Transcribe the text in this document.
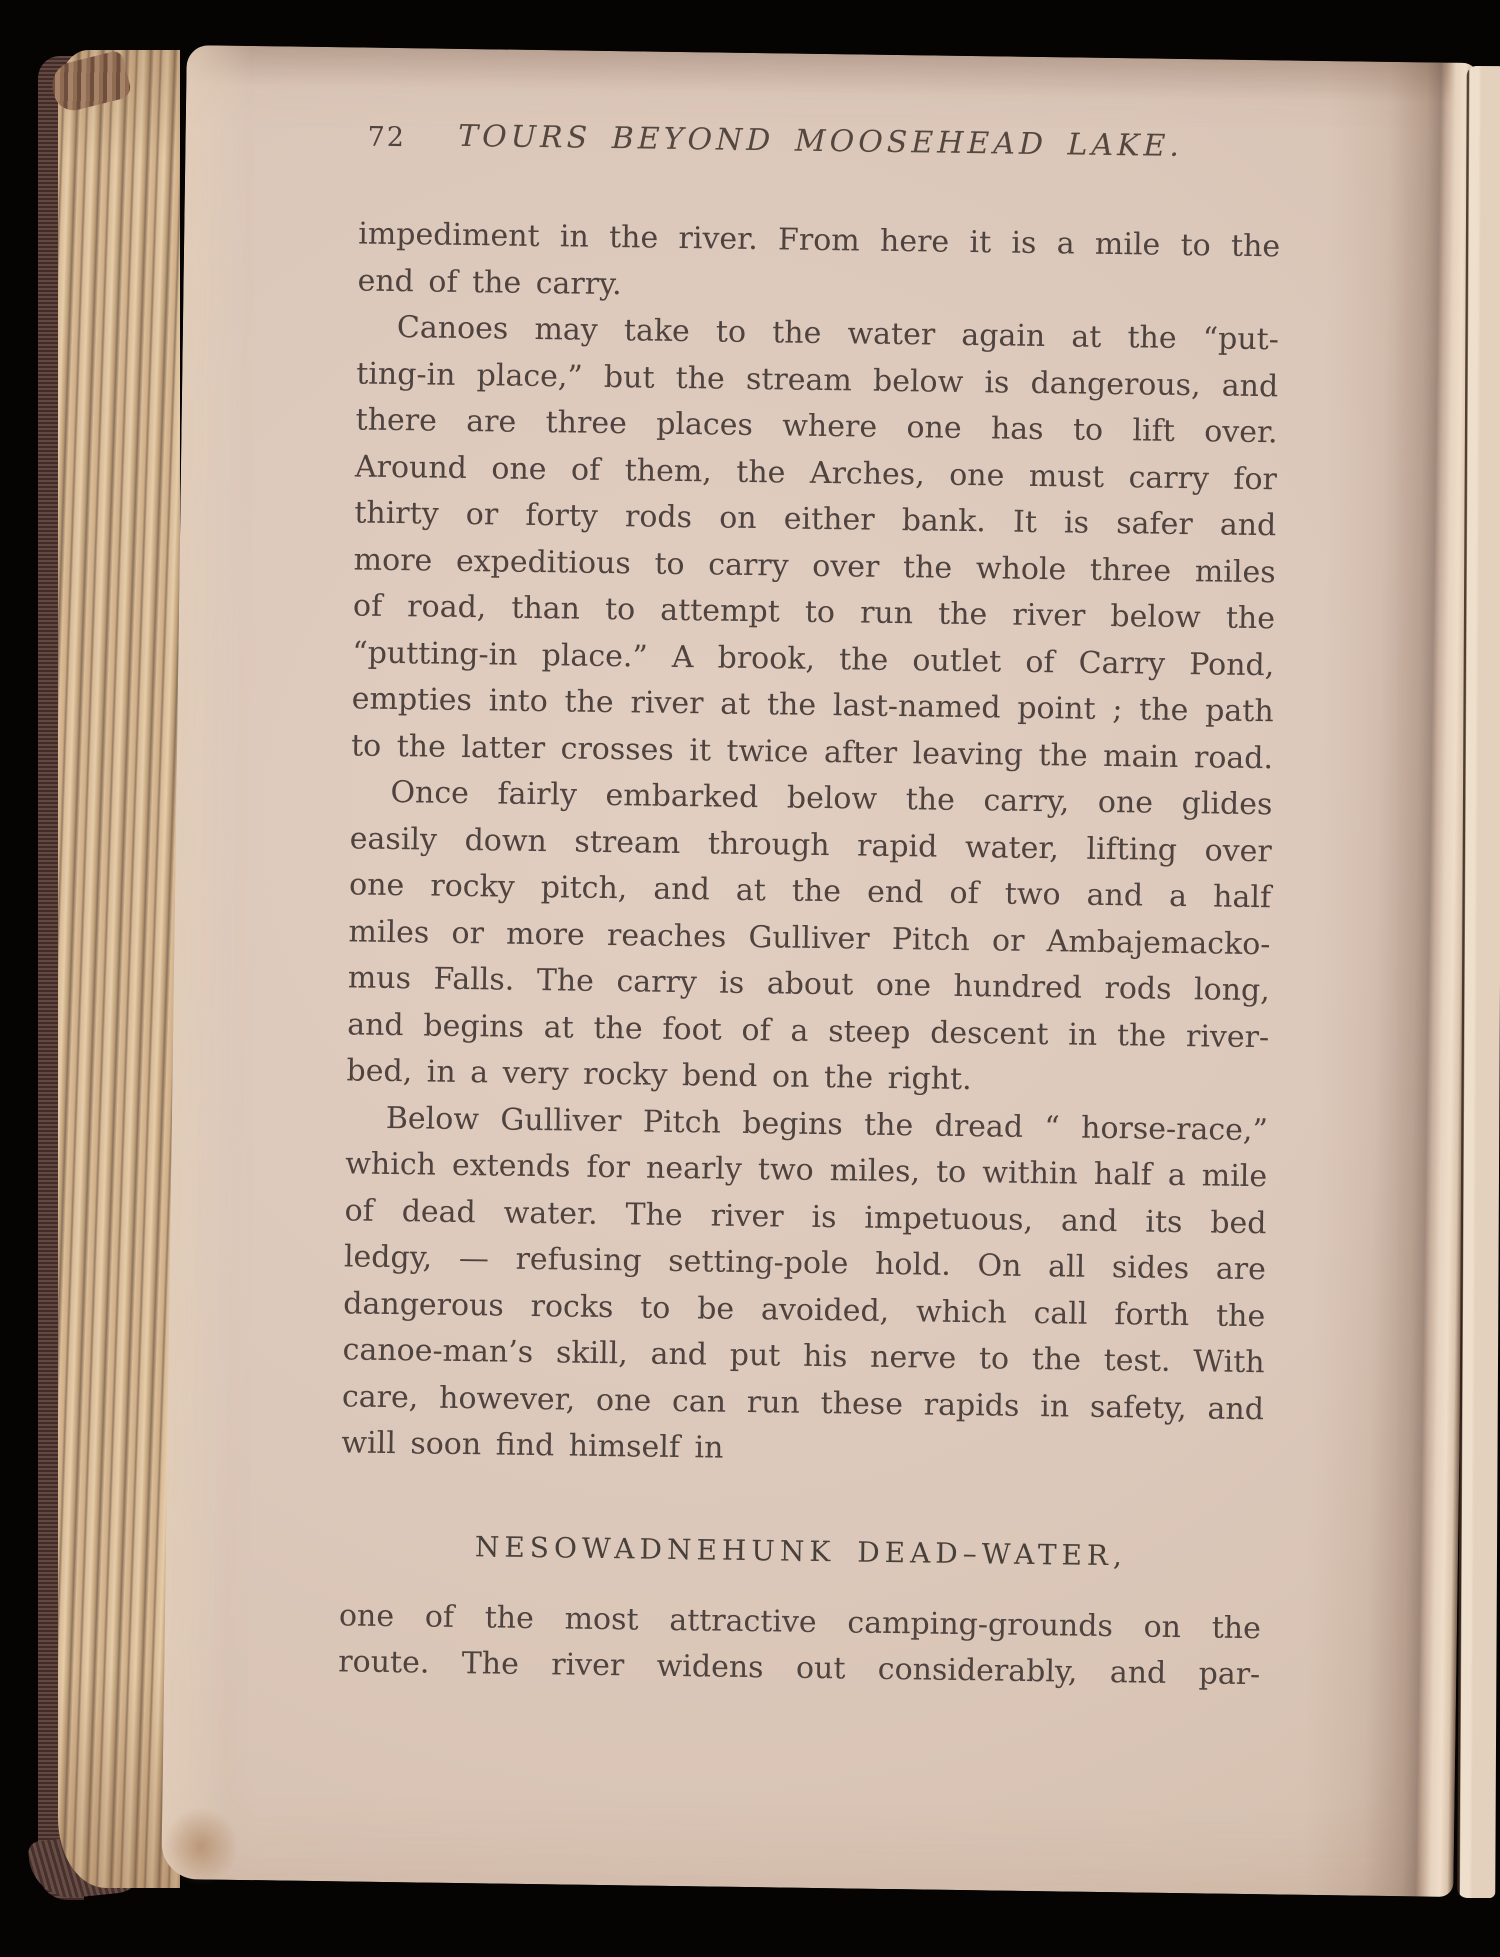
72	TOURS BEYOND MOOSEHEAD LAKE.
impediment in the river. From here it is a mile to the
end of the carry.
Canoes may take to the water again at the “put-
ting-in place,” but the stream below is dangerous, and
there are three places where one has to lift over.
Around one of them, the Arches, one must carry for
thirty or forty rods on either bank. It is safer and
more expeditious to carry over the whole three miles
of road, than to attempt to run the river below the
“putting-in place.” A brook, the outlet of Carry Pond,
empties into the river at the last-named point ; the path
to the latter crosses it twice after leaving the main road.
Once fairly embarked below the carry, one glides
easily down stream through rapid water, lifting over
one rocky pitch, and at the end of two and a half
miles or more reaches Gulliver Pitch or Ambajemacko-
mus Falls. The carry is about one hundred rods long,
and begins at the foot of a steep descent in the river-
bed, in a very rocky bend on the right.
Below Gulliver Pitch begins the dread “ horse-race,”
which extends for nearly two miles, to within half a mile
of dead water. The river is impetuous, and its bed
ledgy, — refusing setting-pole hold. On all sides are
dangerous rocks to be avoided, which call forth the
canoe-man’s skill, and put his nerve to the test. With
care, however, one can run these rapids in safety, and
will soon find himself in
NESOWADNEHUNK DEAD–WATER,
one of the most attractive camping-grounds on the
route. The river widens out considerably, and par-
